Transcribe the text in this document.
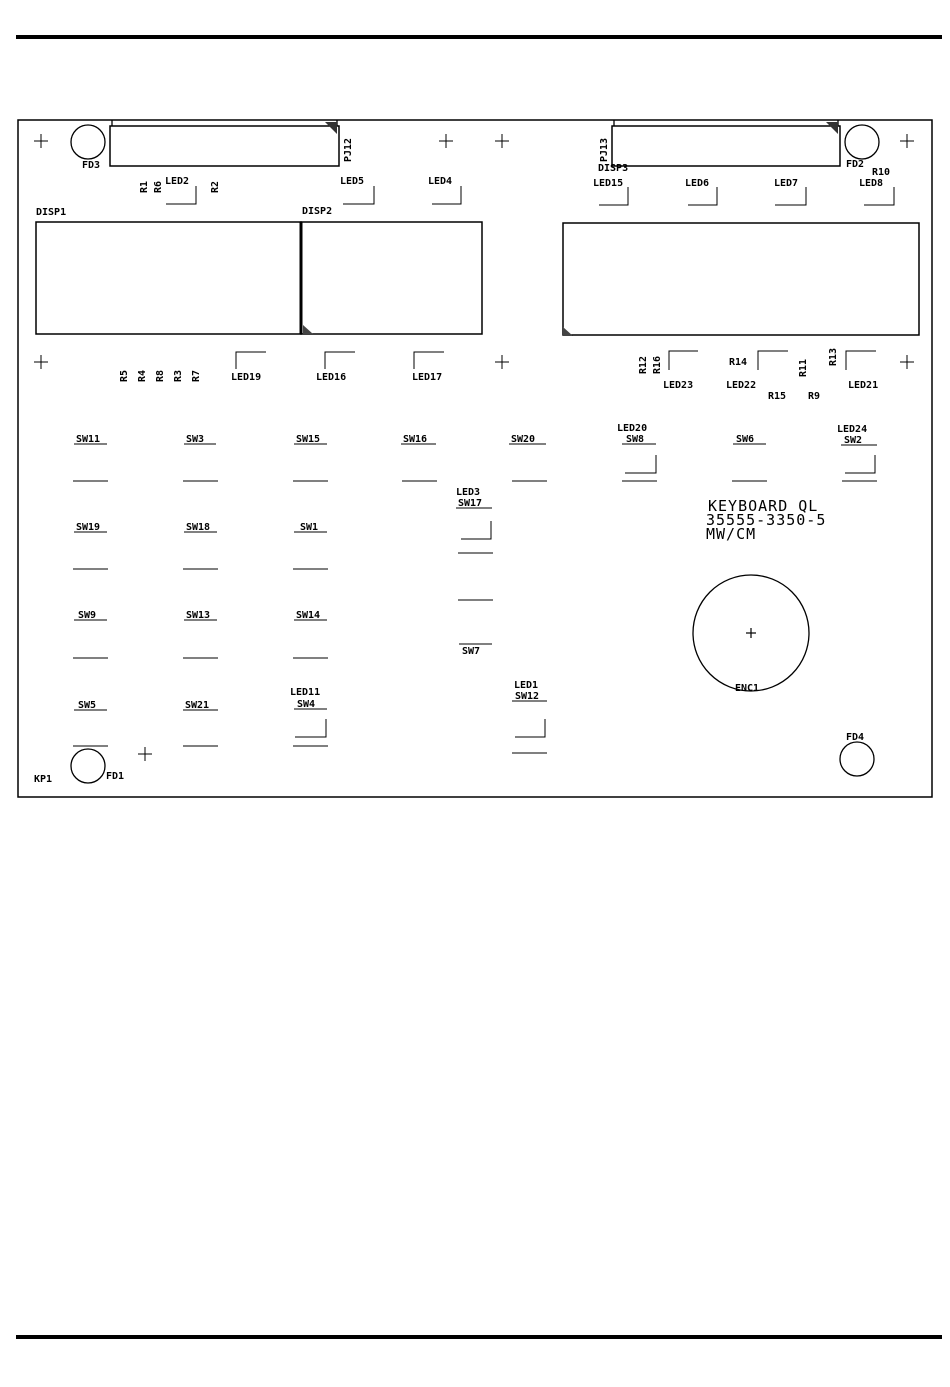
KEYBOARD QL
35555-3350-5
MW/CM
FD3	FD2
FD1
FD4
KP1
ENC1
PJ12	PJ13
DISP1	DISP2
DISP3
LED2	LED5	LED4	LED15	LED6	LED7	LED8
LED19	LED16	LED17
LED23	LED22	LED21
LED20	LED24
LED3
LED11
LED1
R1 R6	R2
R5 R4 R8 R3 R7
R12 R16	R14	R11
R13
R15 R9
R10
SW11	SW3	SW15	SW16	SW20	SW8	SW6	SW2
SW17
SW19	SW18	SW1
SW9	SW13	SW14
SW7
SW5	SW21	SW4
SW12
